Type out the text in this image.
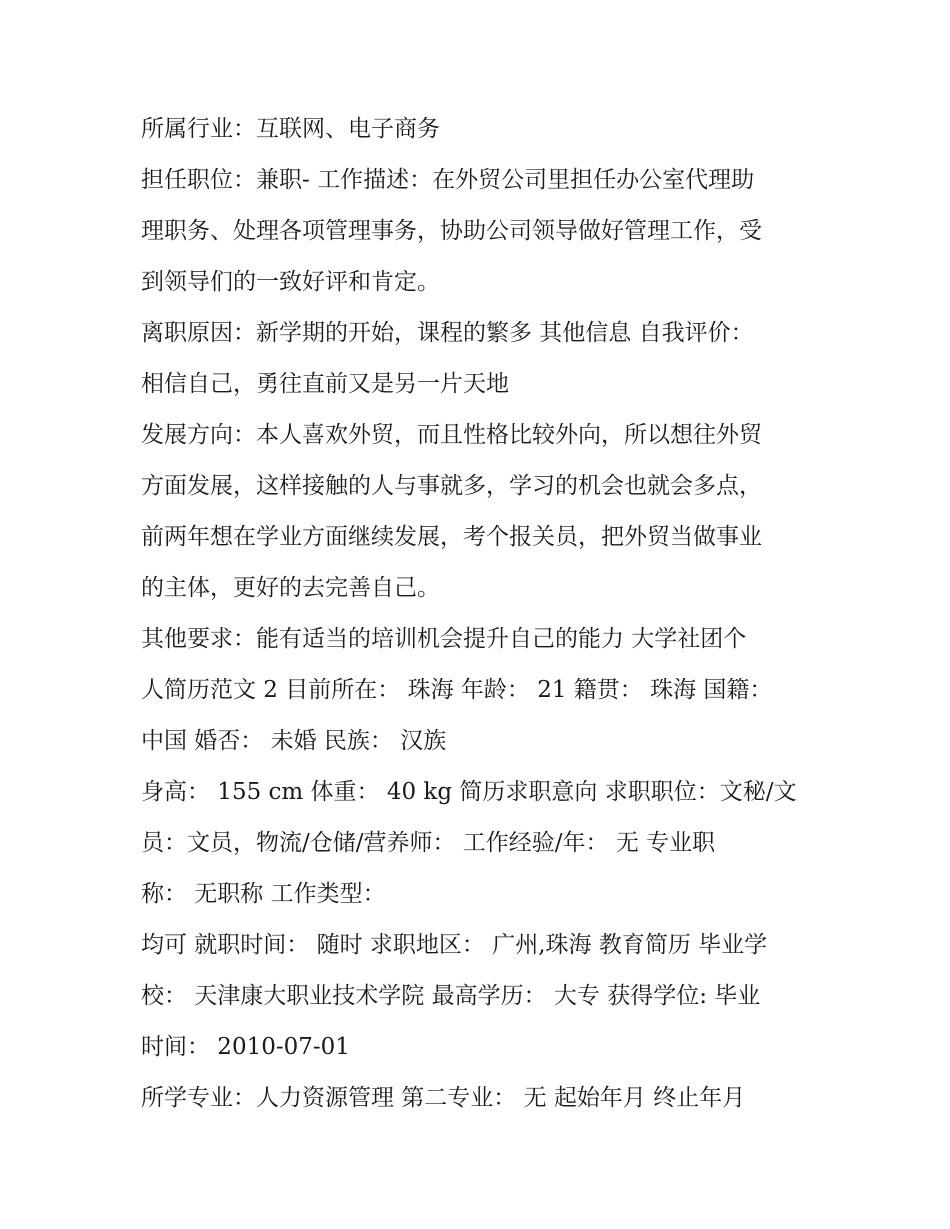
所属行业：互联网、电子商务
担任职位：兼职- 工作描述：在外贸公司里担任办公室代理助
理职务、处理各项管理事务，协助公司领导做好管理工作，受
到领导们的一致好评和肯定。
离职原因：新学期的开始，课程的繁多 其他信息 自我评价：
相信自己，勇往直前又是另一片天地
发展方向：本人喜欢外贸，而且性格比较外向，所以想往外贸
方面发展，这样接触的人与事就多，学习的机会也就会多点，
前两年想在学业方面继续发展，考个报关员，把外贸当做事业
的主体，更好的去完善自己。
其他要求：能有适当的培训机会提升自己的能力 大学社团个
人简历范文 2 目前所在： 珠海 年龄： 21 籍贯： 珠海 国籍：
中国 婚否： 未婚 民族： 汉族
身高： 155 cm 体重： 40 kg 简历求职意向 求职职位：文秘/文
员：文员，物流/仓储/营养师： 工作经验/年： 无 专业职
称： 无职称 工作类型：
均可 就职时间： 随时 求职地区： 广州,珠海 教育简历 毕业学
校： 天津康大职业技术学院 最高学历： 大专 获得学位: 毕业
时间： 2010-07-01
所学专业：人力资源管理 第二专业： 无 起始年月 终止年月
